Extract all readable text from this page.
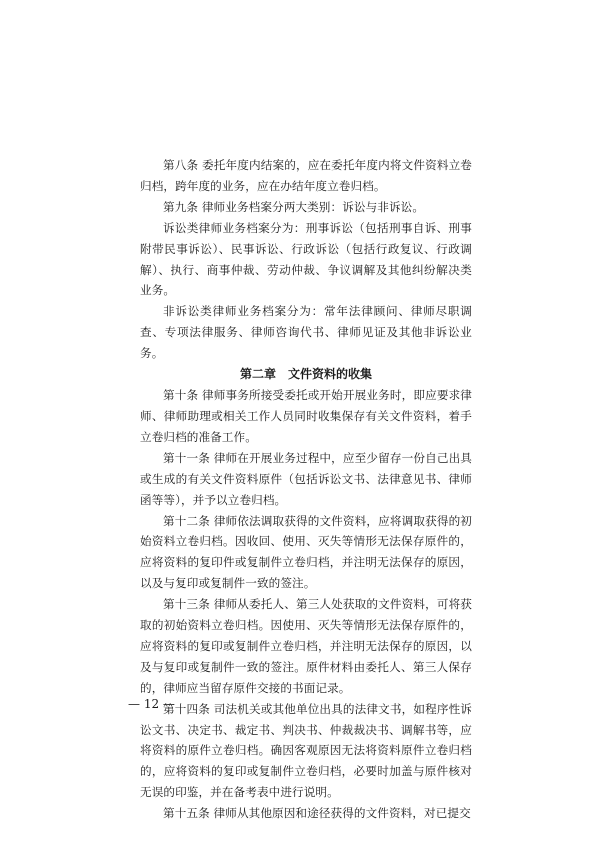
第八条 委托年度内结案的，应在委托年度内将文件资料立卷归档，跨年度的业务，应在办结年度立卷归档。

第九条 律师业务档案分两大类别：诉讼与非诉讼。

诉讼类律师业务档案分为：刑事诉讼（包括刑事自诉、刑事附带民事诉讼）、民事诉讼、行政诉讼（包括行政复议、行政调解）、执行、商事仲裁、劳动仲裁、争议调解及其他纠纷解决类业务。

非诉讼类律师业务档案分为：常年法律顾问、律师尽职调查、专项法律服务、律师咨询代书、律师见证及其他非诉讼业务。

第二章　文件资料的收集

第十条 律师事务所接受委托或开始开展业务时，即应要求律师、律师助理或相关工作人员同时收集保存有关文件资料，着手立卷归档的准备工作。

第十一条 律师在开展业务过程中，应至少留存一份自己出具或生成的有关文件资料原件（包括诉讼文书、法律意见书、律师函等等），并予以立卷归档。

第十二条 律师依法调取获得的文件资料，应将调取获得的初始资料立卷归档。因收回、使用、灭失等情形无法保存原件的，应将资料的复印件或复制件立卷归档，并注明无法保存的原因，以及与复印或复制件一致的签注。

第十三条 律师从委托人、第三人处获取的文件资料，可将获取的初始资料立卷归档。因使用、灭失等情形无法保存原件的，应将资料的复印或复制件立卷归档，并注明无法保存的原因，以及与复印或复制件一致的签注。原件材料由委托人、第三人保存的，律师应当留存原件交接的书面记录。

第十四条 司法机关或其他单位出具的法律文书，如程序性诉讼文书、决定书、裁定书、判决书、仲裁裁决书、调解书等，应将资料的原件立卷归档。确因客观原因无法将资料原件立卷归档的，应将资料的复印或复制件立卷归档，必要时加盖与原件核对无误的印鉴，并在备考表中进行说明。

第十五条 律师从其他原因和途径获得的文件资料，对已提交

— 12 —
